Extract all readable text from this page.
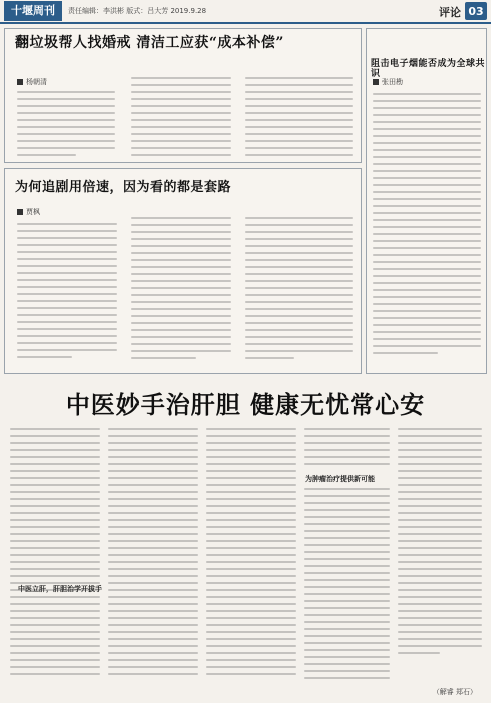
十堰周刊	责任编辑：李洪彬 版式：吕大芳 2019.9.28	评论 03
翻垃圾帮人找婚戒 清洁工应获“成本补偿”
杨朝清
为何追剧用倍速，因为看的都是套路
贾枫
阻击电子烟能否成为全球共识
张田勘
中医妙手治肝胆 健康无忧常心安
中医立肝，肝胆治学开拔手
为肿瘤治疗提供新可能
（解睿 郑石）
